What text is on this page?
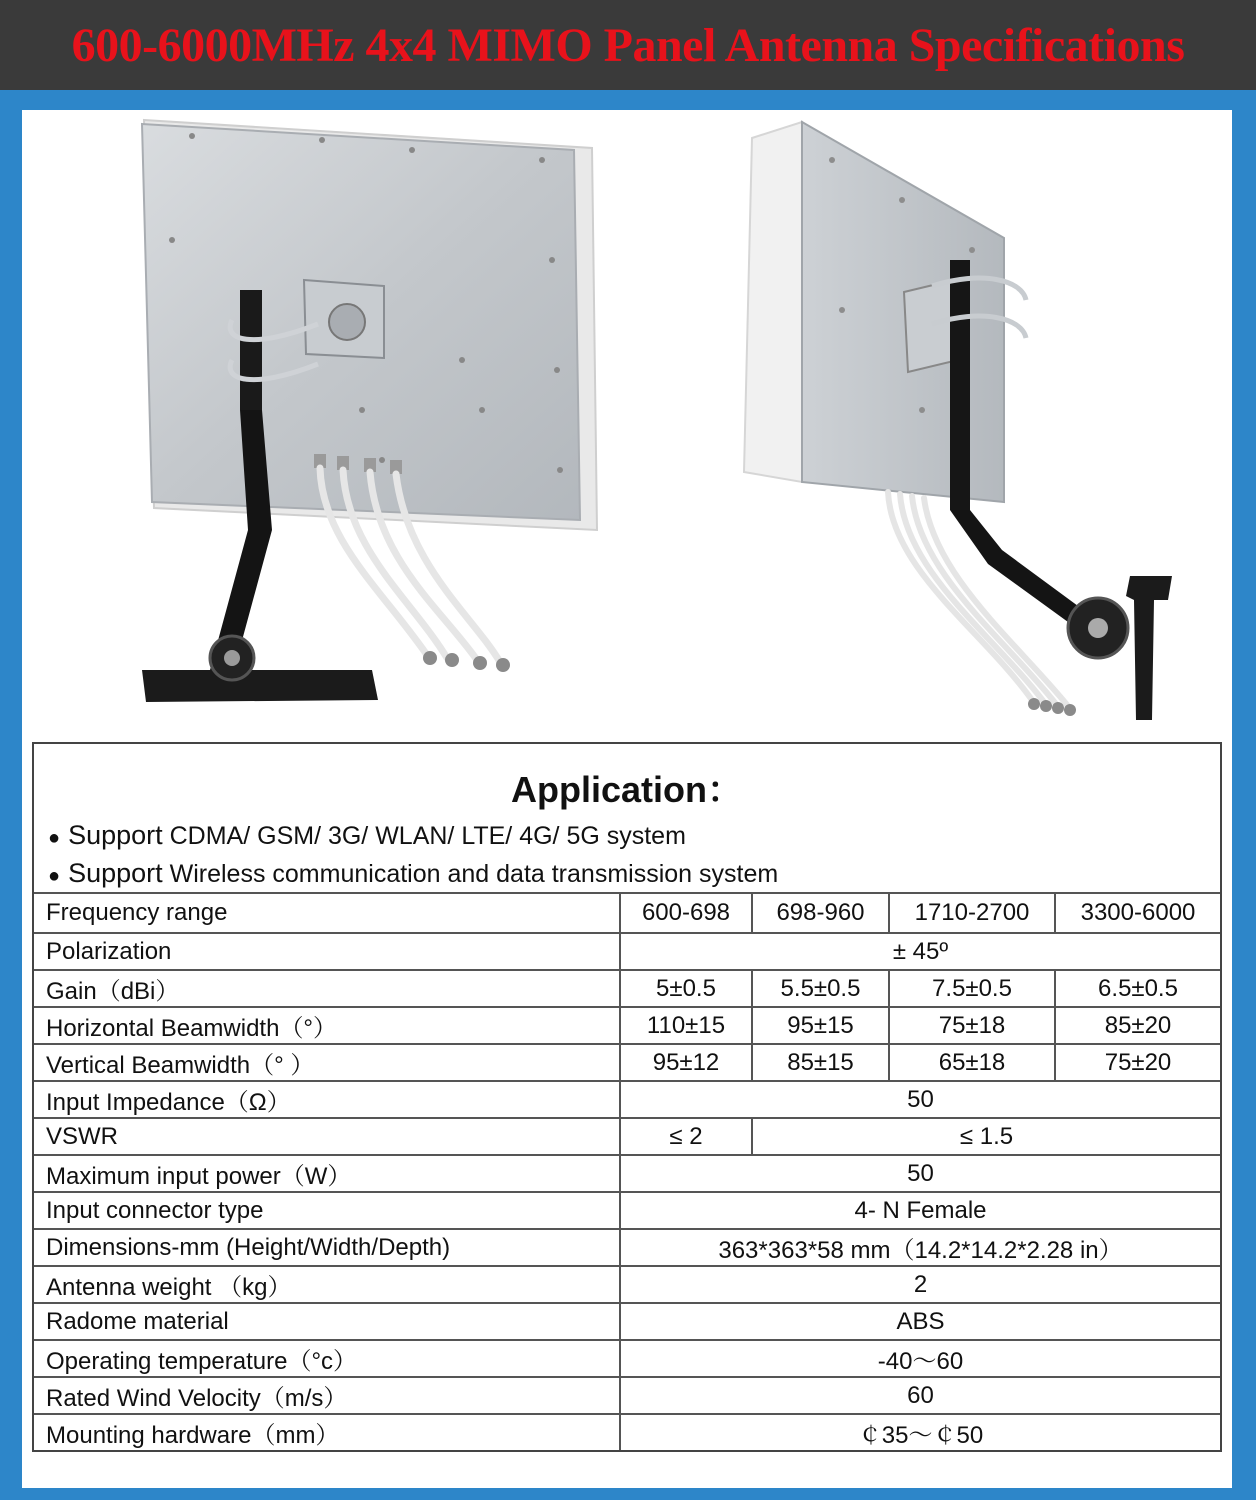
600-6000MHz 4x4 MIMO Panel Antenna Specifications
Application：
● Support CDMA/ GSM/ 3G/ WLAN/ LTE/ 4G/ 5G system
● Support Wireless communication and data transmission system
Frequency range	600-698	698-960	1710-2700	3300-6000
Polarization	± 45º			
Gain（dBi）	5±0.5	5.5±0.5	7.5±0.5	6.5±0.5
Horizontal Beamwidth（°）	110±15	95±15	75±18	85±20
Vertical Beamwidth（° ）	95±12	85±15	65±18	75±20
Input Impedance（Ω）	50			
VSWR	≤ 2	≤ 1.5		
Maximum input power（W）	50			
Input connector type	4- N Female			
Dimensions-mm (Height/Width/Depth)	363*363*58 mm（14.2*14.2*2.28 in）			
Antenna weight （kg）	2			
Radome material	ABS			
Operating temperature（°c）	-40～60			
Rated Wind Velocity（m/s）	60			
Mounting hardware（mm）	￠35～￠50			
